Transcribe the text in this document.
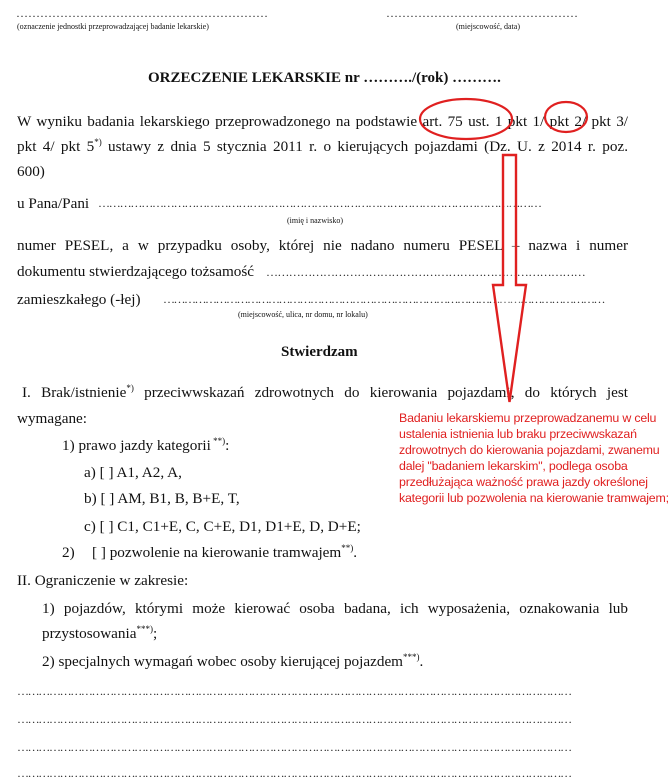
………………………………………………………
(oznaczenie jednostki przeprowadzającej badanie lekarskie)
…………………………………………
(miejscowość, data)
ORZECZENIE LEKARSKIE nr ………./(rok) ……….
W wyniku badania lekarskiego przeprowadzonego na podstawie art. 75 ust. 1 pkt 1/ pkt 2/ pkt 3/
pkt 4/ pkt 5*) ustawy z dnia 5 stycznia 2011 r. o kierujących pojazdami (Dz. U. z 2014 r. poz.
600)
u Pana/Pani ……………………………………………………………………………………………………………
(imię i nazwisko)
numer PESEL, a w przypadku osoby, której nie nadano numeru PESEL – nazwa i numer
dokumentu stwierdzającego tożsamość …………………………………………………………………………
zamieszkałego (-łej) ………………………………………………………………………………………………………………
(miejscowość, ulica, nr domu, nr lokalu)
Stwierdzam
I. Brak/istnienie*) przeciwwskazań zdrowotnych do kierowania pojazdami, do których jest
wymagane:
1) prawo jazdy kategorii **):
a) [ ] A1, A2, A,
b) [ ] AM, B1, B, B+E, T,
c) [ ] C1, C1+E, C, C+E, D1, D1+E, D, D+E;
2) [ ] pozwolenie na kierowanie tramwajem**).
II. Ograniczenie w zakresie:
1) pojazdów, którymi może kierować osoba badana, ich wyposażenia, oznakowania lub
przystosowania***);
2) specjalnych wymagań wobec osoby kierującej pojazdem***).
…………………………………………………………………………………………………………………………………………
…………………………………………………………………………………………………………………………………………
…………………………………………………………………………………………………………………………………………
…………………………………………………………………………………………………………………………………………
Badaniu lekarskiemu przeprowadzanemu w celu
ustalenia istnienia lub braku przeciwwskazań
zdrowotnych do kierowania pojazdami, zwanemu
dalej "badaniem lekarskim", podlega osoba
przedłużająca ważność prawa jazdy określonej
kategorii lub pozwolenia na kierowanie tramwajem;
